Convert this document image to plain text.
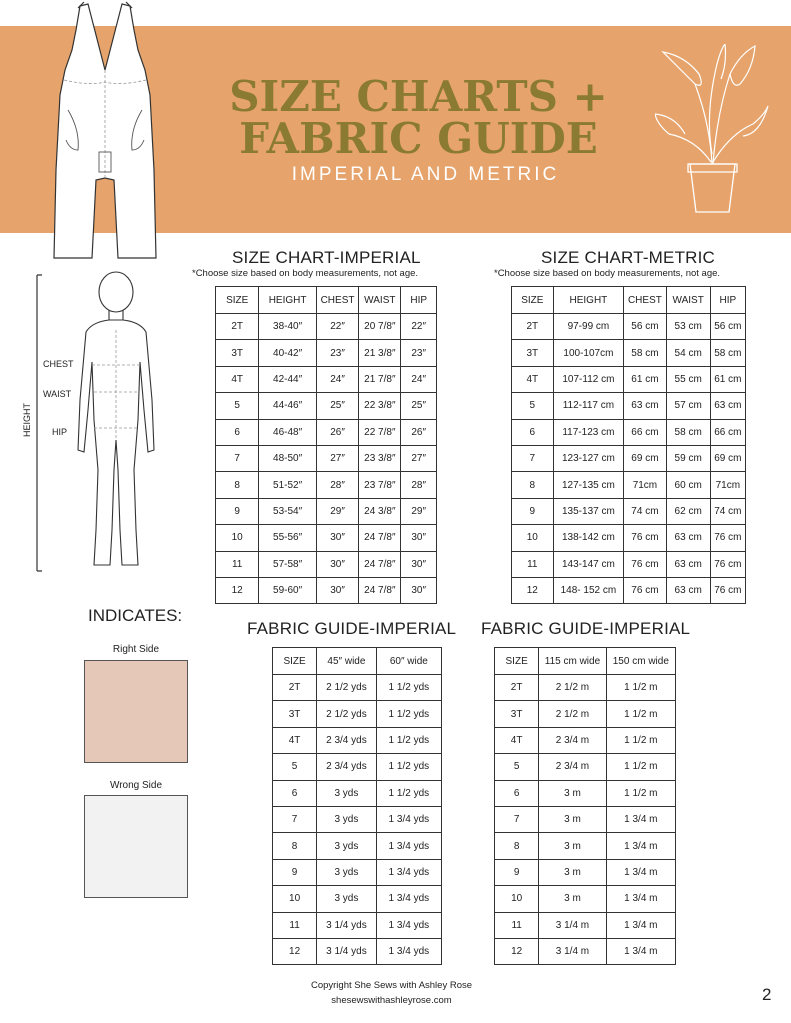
SIZE CHARTS +
FABRIC GUIDE
IMPERIAL AND METRIC
CHEST
WAIST
HIP
HEIGHT
SIZE CHART-IMPERIAL
*Choose size based on body measurements, not age.
SIZE	HEIGHT	CHEST	WAIST	HIP
2T	38-40″	22″	20 7/8″	22″
3T	40-42″	23″	21 3/8″	23″
4T	42-44″	24″	21 7/8″	24″
5	44-46″	25″	22 3/8″	25″
6	46-48″	26″	22 7/8″	26″
7	48-50″	27″	23 3/8″	27″
8	51-52″	28″	23 7/8″	28″
9	53-54″	29″	24 3/8″	29″
10	55-56″	30″	24 7/8″	30″
11	57-58″	30″	24 7/8″	30″
12	59-60″	30″	24 7/8″	30″
SIZE CHART-METRIC
*Choose size based on body measurements, not age.
SIZE	HEIGHT	CHEST	WAIST	HIP
2T	97-99 cm	56 cm	53 cm	56 cm
3T	100-107cm	58 cm	54 cm	58 cm
4T	107-112 cm	61 cm	55 cm	61 cm
5	112-117 cm	63 cm	57 cm	63 cm
6	117-123 cm	66 cm	58 cm	66 cm
7	123-127 cm	69 cm	59 cm	69 cm
8	127-135 cm	71cm	60 cm	71cm
9	135-137 cm	74 cm	62 cm	74 cm
10	138-142 cm	76 cm	63 cm	76 cm
11	143-147 cm	76 cm	63 cm	76 cm
12	148- 152 cm	76 cm	63 cm	76 cm
INDICATES:
Right Side
Wrong Side
FABRIC GUIDE-IMPERIAL
SIZE	45″ wide	60″ wide
2T	2 1/2 yds	1 1/2 yds
3T	2 1/2 yds	1 1/2 yds
4T	2 3/4 yds	1 1/2 yds
5	2 3/4 yds	1 1/2 yds
6	3 yds	1 1/2 yds
7	3 yds	1 3/4 yds
8	3 yds	1 3/4 yds
9	3 yds	1 3/4 yds
10	3 yds	1 3/4 yds
11	3 1/4 yds	1 3/4 yds
12	3 1/4 yds	1 3/4 yds
FABRIC GUIDE-IMPERIAL
SIZE	115 cm wide	150 cm wide
2T	2 1/2 m	1 1/2 m
3T	2 1/2 m	1 1/2 m
4T	2 3/4 m	1 1/2 m
5	2 3/4 m	1 1/2 m
6	3 m	1 1/2 m
7	3 m	1 3/4 m
8	3 m	1 3/4 m
9	3 m	1 3/4 m
10	3 m	1 3/4 m
11	3 1/4 m	1 3/4 m
12	3 1/4 m	1 3/4 m
Copyright She Sews with Ashley Rose
shesewswithashleyrose.com	2
